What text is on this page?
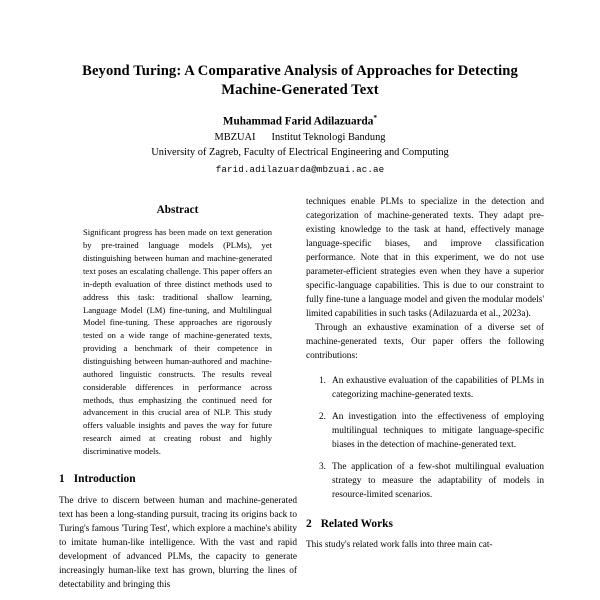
Beyond Turing: A Comparative Analysis of Approaches for Detecting Machine-Generated Text
Muhammad Farid Adilazuarda*
MBZUAI Institut Teknologi Bandung
University of Zagreb, Faculty of Electrical Engineering and Computing
farid.adilazuarda@mbzuai.ac.ae
Abstract

Significant progress has been made on text generation by pre-trained language models (PLMs), yet distinguishing between human and machine-generated text poses an escalating challenge. This paper offers an in-depth evaluation of three distinct methods used to address this task: traditional shallow learning, Language Model (LM) fine-tuning, and Multilingual Model fine-tuning. These approaches are rigorously tested on a wide range of machine-generated texts, providing a benchmark of their competence in distinguishing between human-authored and machine-authored linguistic constructs. The results reveal considerable differences in performance across methods, thus emphasizing the continued need for advancement in this crucial area of NLP. This study offers valuable insights and paves the way for future research aimed at creating robust and highly discriminative models.

1 Introduction

The drive to discern between human and machine-generated text has been a long-standing pursuit, tracing its origins back to Turing's famous 'Turing Test', which explore a machine's ability to imitate human-like intelligence. With the vast and rapid development of advanced PLMs, the capacity to generate increasingly human-like text has grown, blurring the lines of detectability and bringing this

techniques enable PLMs to specialize in the detection and categorization of machine-generated texts. They adapt pre-existing knowledge to the task at hand, effectively manage language-specific biases, and improve classification performance. Note that in this experiment, we do not use parameter-efficient strategies even when they have a superior specific-language capabilities. This is due to our constraint to fully fine-tune a language model and given the modular models' limited capabilities in such tasks (Adilazuarda et al., 2023a).

Through an exhaustive examination of a diverse set of machine-generated texts, Our paper offers the following contributions:

1. An exhaustive evaluation of the capabilities of PLMs in categorizing machine-generated texts.
2. An investigation into the effectiveness of employing multilingual techniques to mitigate language-specific biases in the detection of machine-generated text.
3. The application of a few-shot multilingual evaluation strategy to measure the adaptability of models in resource-limited scenarios.
2 Related Works

This study's related work falls into three main cat-
